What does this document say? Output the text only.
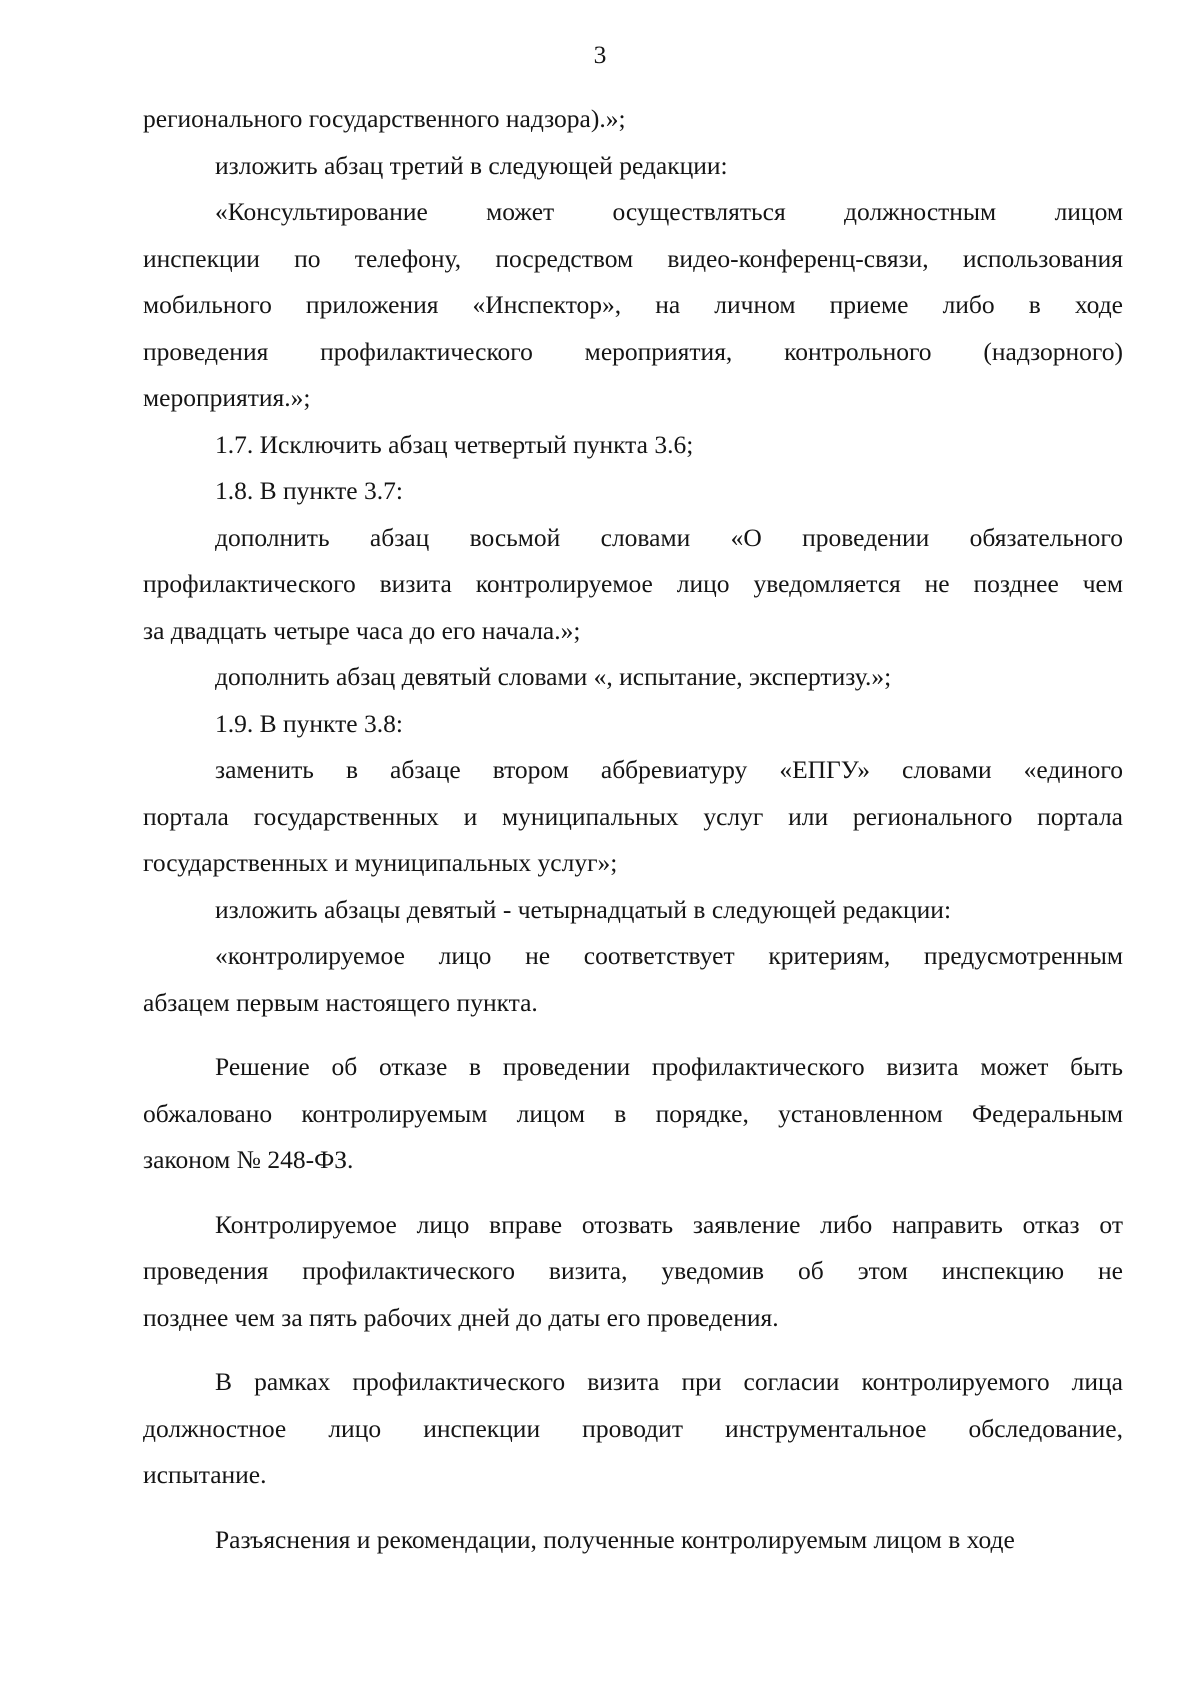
3
регионального государственного надзора).»;
изложить абзац третий в следующей редакции:
«Консультирование может осуществляться должностным лицом
инспекции по телефону, посредством видео-конференц-связи, использования
мобильного приложения «Инспектор», на личном приеме либо в ходе
проведения профилактического мероприятия, контрольного (надзорного)
мероприятия.»;
1.7. Исключить абзац четвертый пункта 3.6;
1.8. В пункте 3.7:
дополнить абзац восьмой словами «О проведении обязательного
профилактического визита контролируемое лицо уведомляется не позднее чем
за двадцать четыре часа до его начала.»;
дополнить абзац девятый словами «, испытание, экспертизу.»;
1.9. В пункте 3.8:
заменить в абзаце втором аббревиатуру «ЕПГУ» словами «единого
портала государственных и муниципальных услуг или регионального портала
государственных и муниципальных услуг»;
изложить абзацы девятый - четырнадцатый в следующей редакции:
«контролируемое лицо не соответствует критериям, предусмотренным
абзацем первым настоящего пункта.
Решение об отказе в проведении профилактического визита может быть
обжаловано контролируемым лицом в порядке, установленном Федеральным
законом № 248-ФЗ.
Контролируемое лицо вправе отозвать заявление либо направить отказ от
проведения профилактического визита, уведомив об этом инспекцию не
позднее чем за пять рабочих дней до даты его проведения.
В рамках профилактического визита при согласии контролируемого лица
должностное лицо инспекции проводит инструментальное обследование,
испытание.
Разъяснения и рекомендации, полученные контролируемым лицом в ходе
